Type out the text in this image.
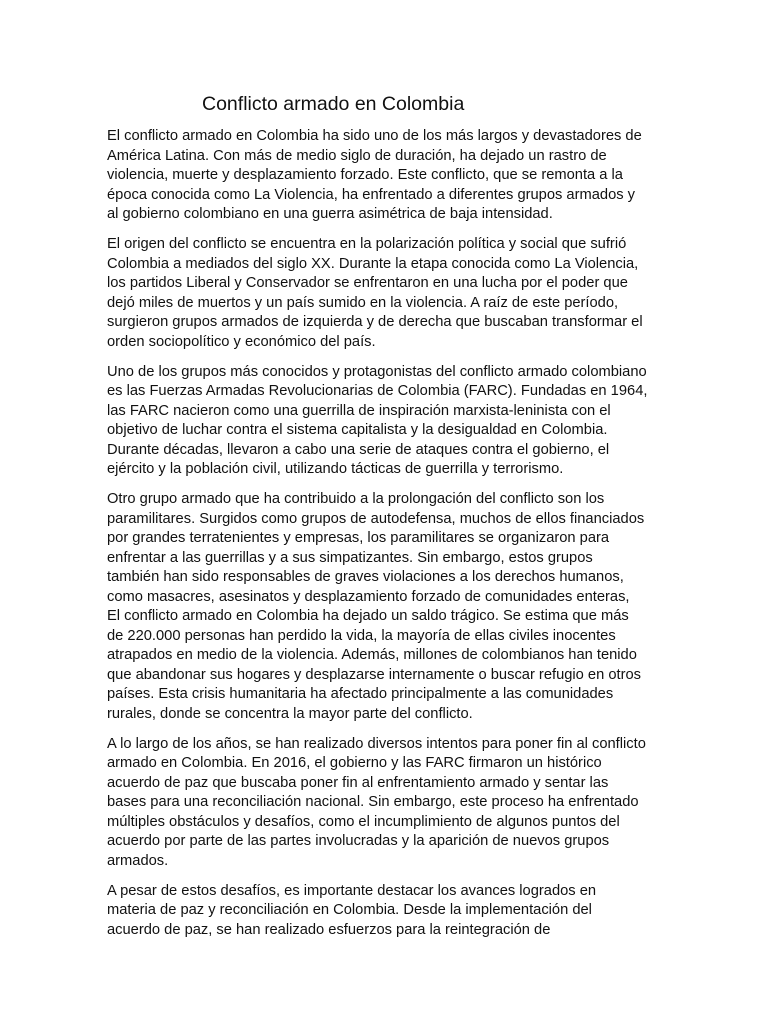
Conflicto armado en Colombia

El conflicto armado en Colombia ha sido uno de los más largos y devastadores de
América Latina. Con más de medio siglo de duración, ha dejado un rastro de
violencia, muerte y desplazamiento forzado. Este conflicto, que se remonta a la
época conocida como La Violencia, ha enfrentado a diferentes grupos armados y
al gobierno colombiano en una guerra asimétrica de baja intensidad.

El origen del conflicto se encuentra en la polarización política y social que sufrió
Colombia a mediados del siglo XX. Durante la etapa conocida como La Violencia,
los partidos Liberal y Conservador se enfrentaron en una lucha por el poder que
dejó miles de muertos y un país sumido en la violencia. A raíz de este período,
surgieron grupos armados de izquierda y de derecha que buscaban transformar el
orden sociopolítico y económico del país.

Uno de los grupos más conocidos y protagonistas del conflicto armado colombiano
es las Fuerzas Armadas Revolucionarias de Colombia (FARC). Fundadas en 1964,
las FARC nacieron como una guerrilla de inspiración marxista-leninista con el
objetivo de luchar contra el sistema capitalista y la desigualdad en Colombia.
Durante décadas, llevaron a cabo una serie de ataques contra el gobierno, el
ejército y la población civil, utilizando tácticas de guerrilla y terrorismo.

Otro grupo armado que ha contribuido a la prolongación del conflicto son los
paramilitares. Surgidos como grupos de autodefensa, muchos de ellos financiados
por grandes terratenientes y empresas, los paramilitares se organizaron para
enfrentar a las guerrillas y a sus simpatizantes. Sin embargo, estos grupos
también han sido responsables de graves violaciones a los derechos humanos,
como masacres, asesinatos y desplazamiento forzado de comunidades enteras,
El conflicto armado en Colombia ha dejado un saldo trágico. Se estima que más
de 220.000 personas han perdido la vida, la mayoría de ellas civiles inocentes
atrapados en medio de la violencia. Además, millones de colombianos han tenido
que abandonar sus hogares y desplazarse internamente o buscar refugio en otros
países. Esta crisis humanitaria ha afectado principalmente a las comunidades
rurales, donde se concentra la mayor parte del conflicto.

A lo largo de los años, se han realizado diversos intentos para poner fin al conflicto
armado en Colombia. En 2016, el gobierno y las FARC firmaron un histórico
acuerdo de paz que buscaba poner fin al enfrentamiento armado y sentar las
bases para una reconciliación nacional. Sin embargo, este proceso ha enfrentado
múltiples obstáculos y desafíos, como el incumplimiento de algunos puntos del
acuerdo por parte de las partes involucradas y la aparición de nuevos grupos
armados.

A pesar de estos desafíos, es importante destacar los avances logrados en
materia de paz y reconciliación en Colombia. Desde la implementación del
acuerdo de paz, se han realizado esfuerzos para la reintegración de
